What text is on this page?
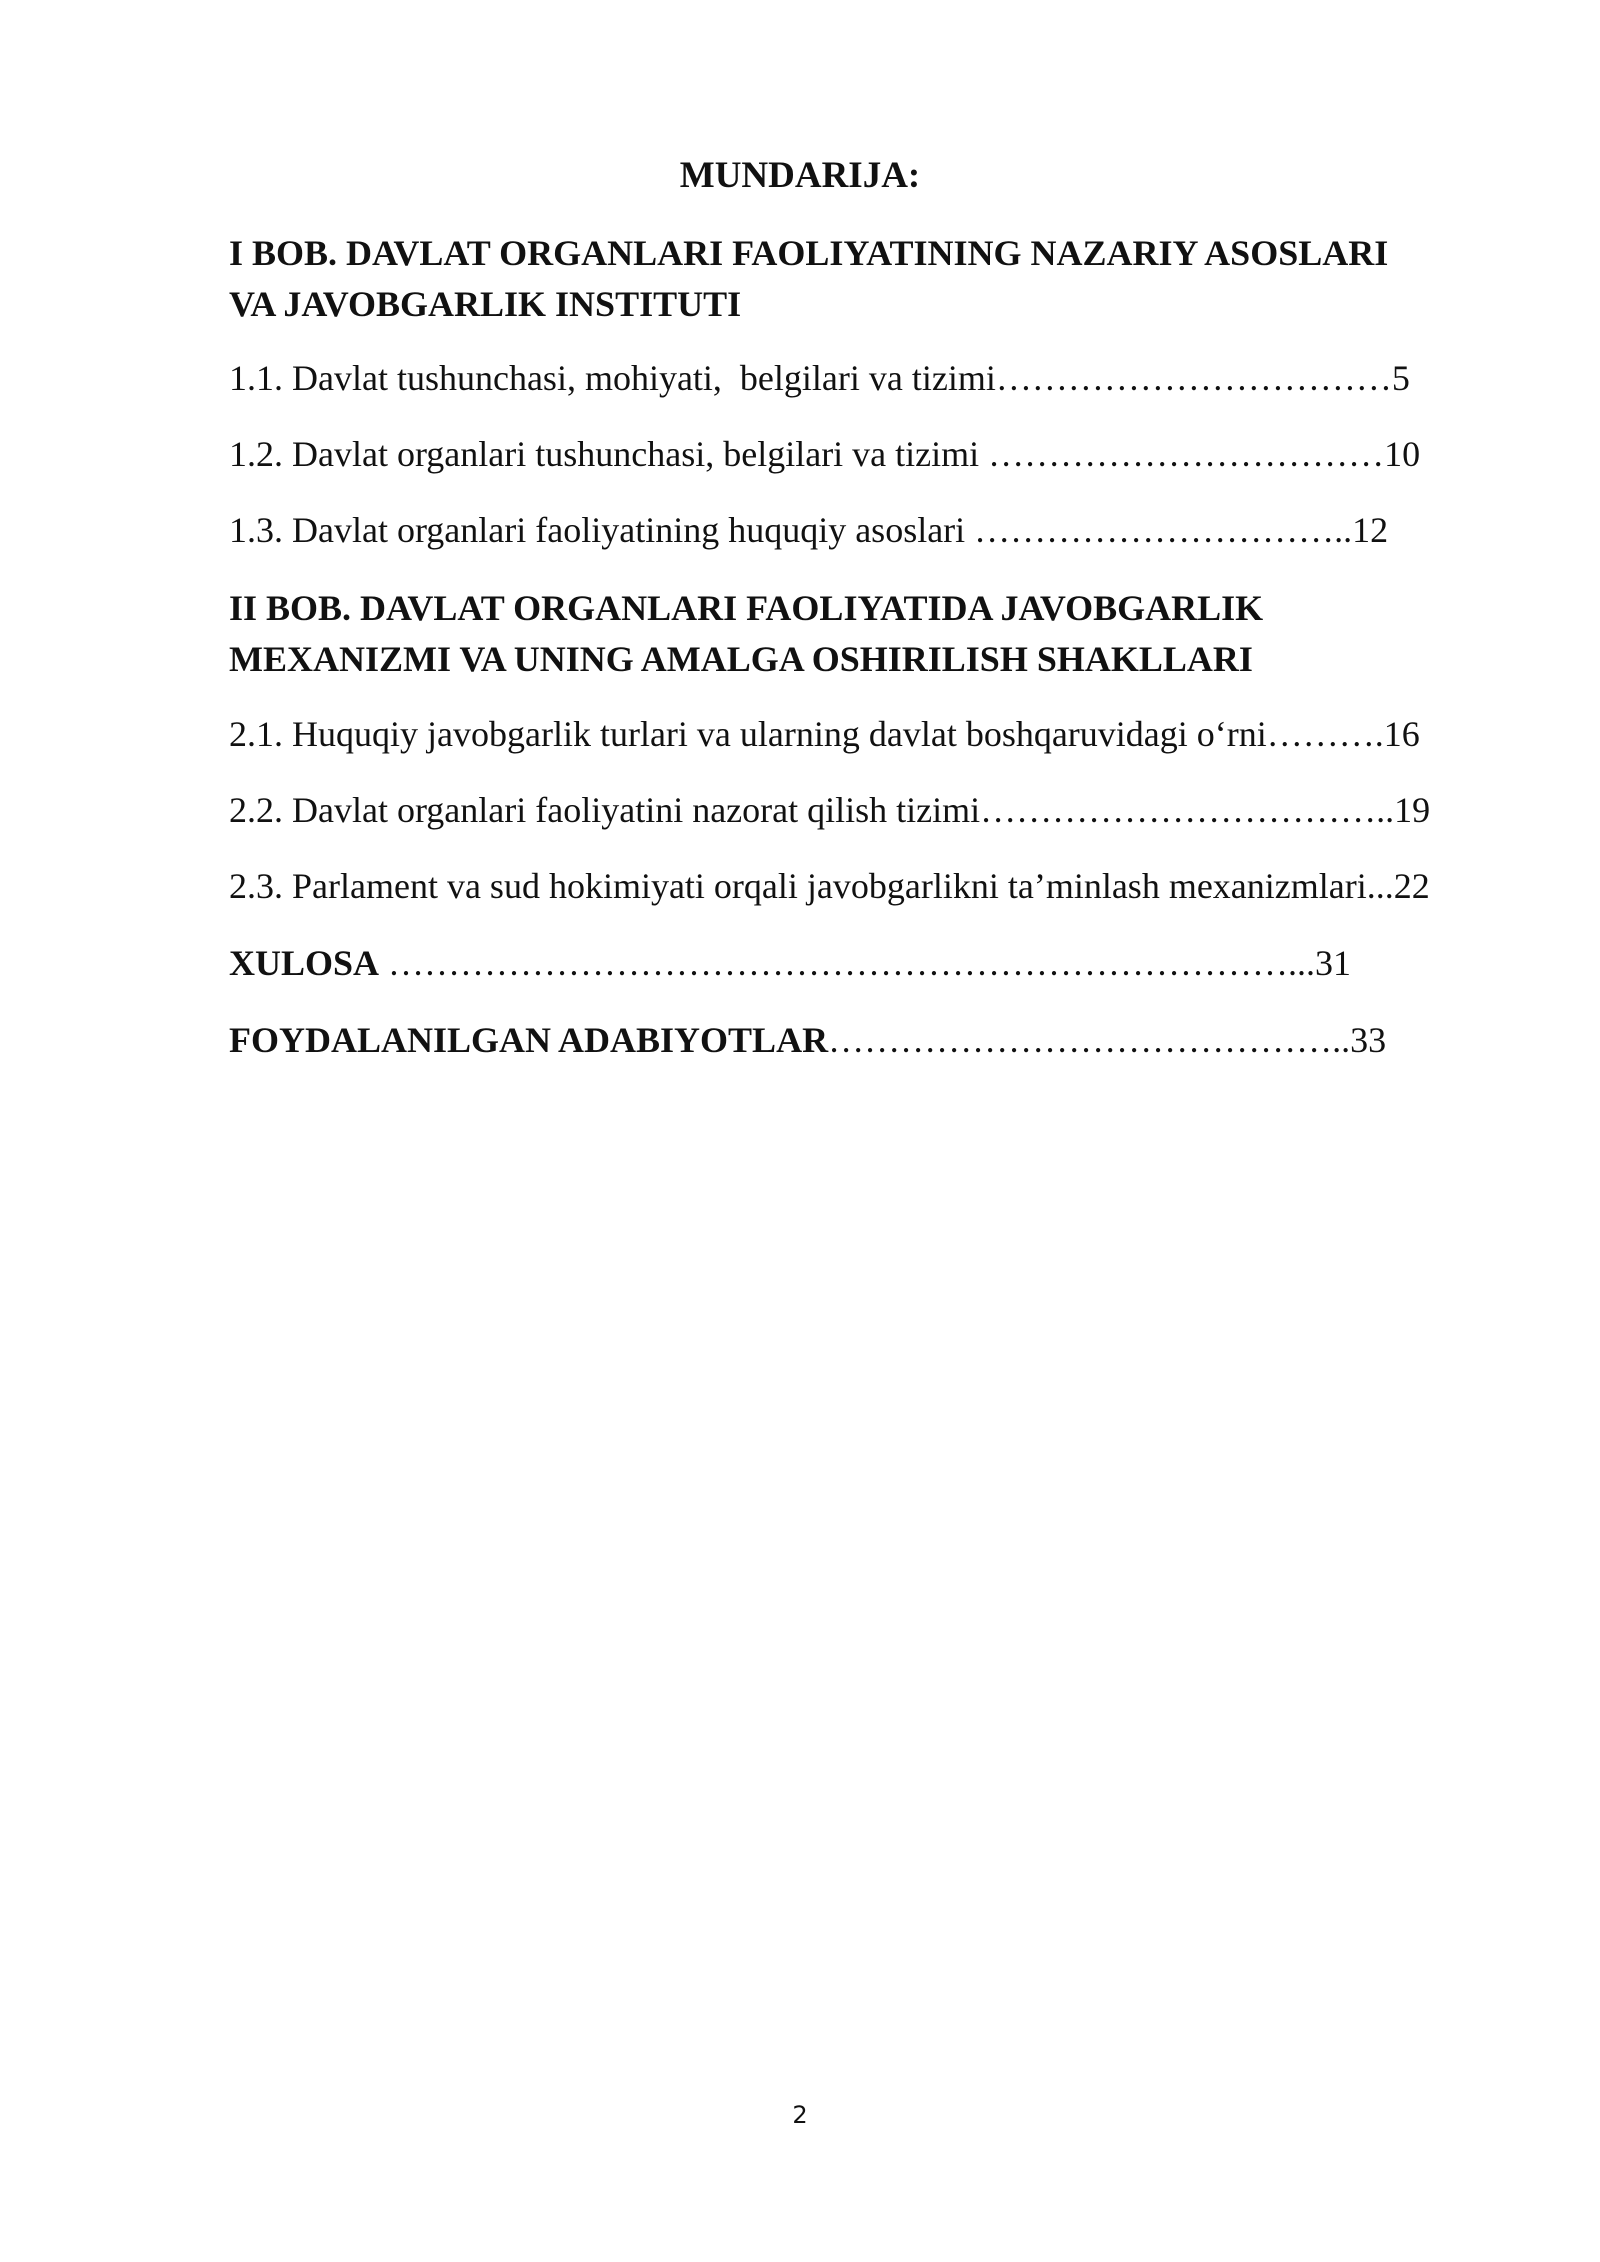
MUNDARIJA:
I BOB. DAVLAT ORGANLARI FAOLIYATINING NAZARIY ASOSLARI
VA JAVOBGARLIK INSTITUTI
1.1. Davlat tushunchasi, mohiyati,  belgilari va tizimi……………………………5
1.2. Davlat organlari tushunchasi, belgilari va tizimi ……………………………10
1.3. Davlat organlari faoliyatining huquqiy asoslari …………………………..12
II BOB. DAVLAT ORGANLARI FAOLIYATIDA JAVOBGARLIK
MEXANIZMI VA UNING AMALGA OSHIRILISH SHAKLLARI
2.1. Huquqiy javobgarlik turlari va ularning davlat boshqaruvidagi o‘rni……….16
2.2. Davlat organlari faoliyatini nazorat qilish tizimi……………………………..19
2.3. Parlament va sud hokimiyati orqali javobgarlikni ta’minlash mexanizmlari...22
XULOSA …………………………………………………………………...31
FOYDALANILGAN ADABIYOTLAR……………………………………..33
2
